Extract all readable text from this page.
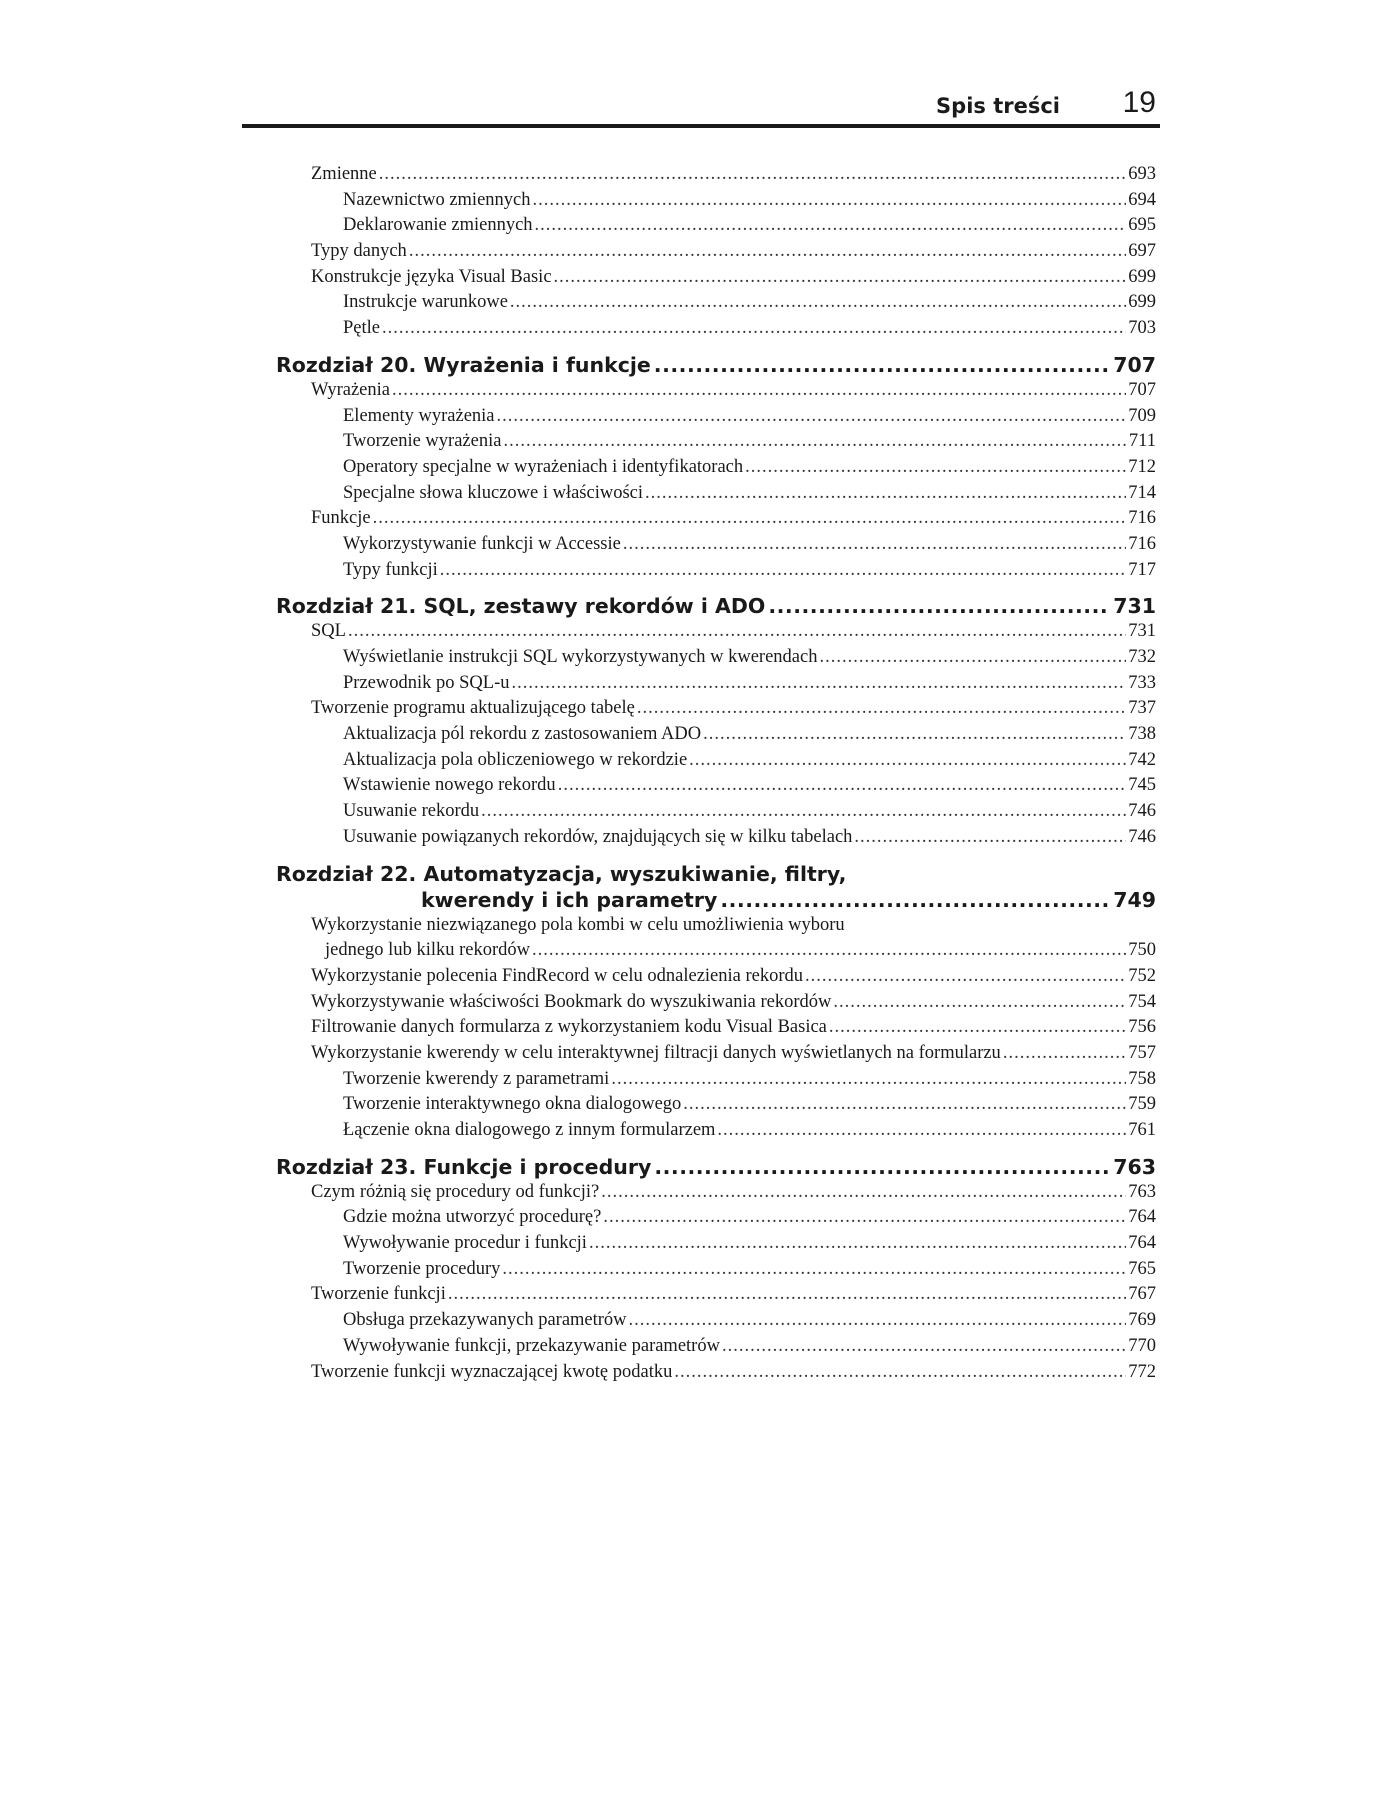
Spis treści 19
Zmienne .....	693
Nazewnictwo zmiennych .....	694
Deklarowanie zmiennych .....	695
Typy danych .....	697
Konstrukcje języka Visual Basic .....	699
Instrukcje warunkowe .....	699
Pętle .....	703
Rozdział 20. Wyrażenia i funkcje .....	707
Wyrażenia .....	707
Elementy wyrażenia .....	709
Tworzenie wyrażenia .....	711
Operatory specjalne w wyrażeniach i identyfikatorach .....	712
Specjalne słowa kluczowe i właściwości .....	714
Funkcje .....	716
Wykorzystywanie funkcji w Accessie .....	716
Typy funkcji .....	717
Rozdział 21. SQL, zestawy rekordów i ADO .....	731
SQL .....	731
Wyświetlanie instrukcji SQL wykorzystywanych w kwerendach .....	732
Przewodnik po SQL-u .....	733
Tworzenie programu aktualizującego tabelę .....	737
Aktualizacja pól rekordu z zastosowaniem ADO .....	738
Aktualizacja pola obliczeniowego w rekordzie .....	742
Wstawienie nowego rekordu .....	745
Usuwanie rekordu .....	746
Usuwanie powiązanych rekordów, znajdujących się w kilku tabelach .....	746
Rozdział 22. Automatyzacja, wyszukiwanie, filtry,
kwerendy i ich parametry .....	749
Wykorzystanie niezwiązanego pola kombi w celu umożliwienia wyboru
jednego lub kilku rekordów .....	750
Wykorzystanie polecenia FindRecord w celu odnalezienia rekordu .....	752
Wykorzystywanie właściwości Bookmark do wyszukiwania rekordów .....	754
Filtrowanie danych formularza z wykorzystaniem kodu Visual Basica .....	756
Wykorzystanie kwerendy w celu interaktywnej filtracji danych wyświetlanych na formularzu .....	757
Tworzenie kwerendy z parametrami .....	758
Tworzenie interaktywnego okna dialogowego .....	759
Łączenie okna dialogowego z innym formularzem .....	761
Rozdział 23. Funkcje i procedury .....	763
Czym różnią się procedury od funkcji? .....	763
Gdzie można utworzyć procedurę? .....	764
Wywoływanie procedur i funkcji .....	764
Tworzenie procedury .....	765
Tworzenie funkcji .....	767
Obsługa przekazywanych parametrów .....	769
Wywoływanie funkcji, przekazywanie parametrów .....	770
Tworzenie funkcji wyznaczającej kwotę podatku .....	772
